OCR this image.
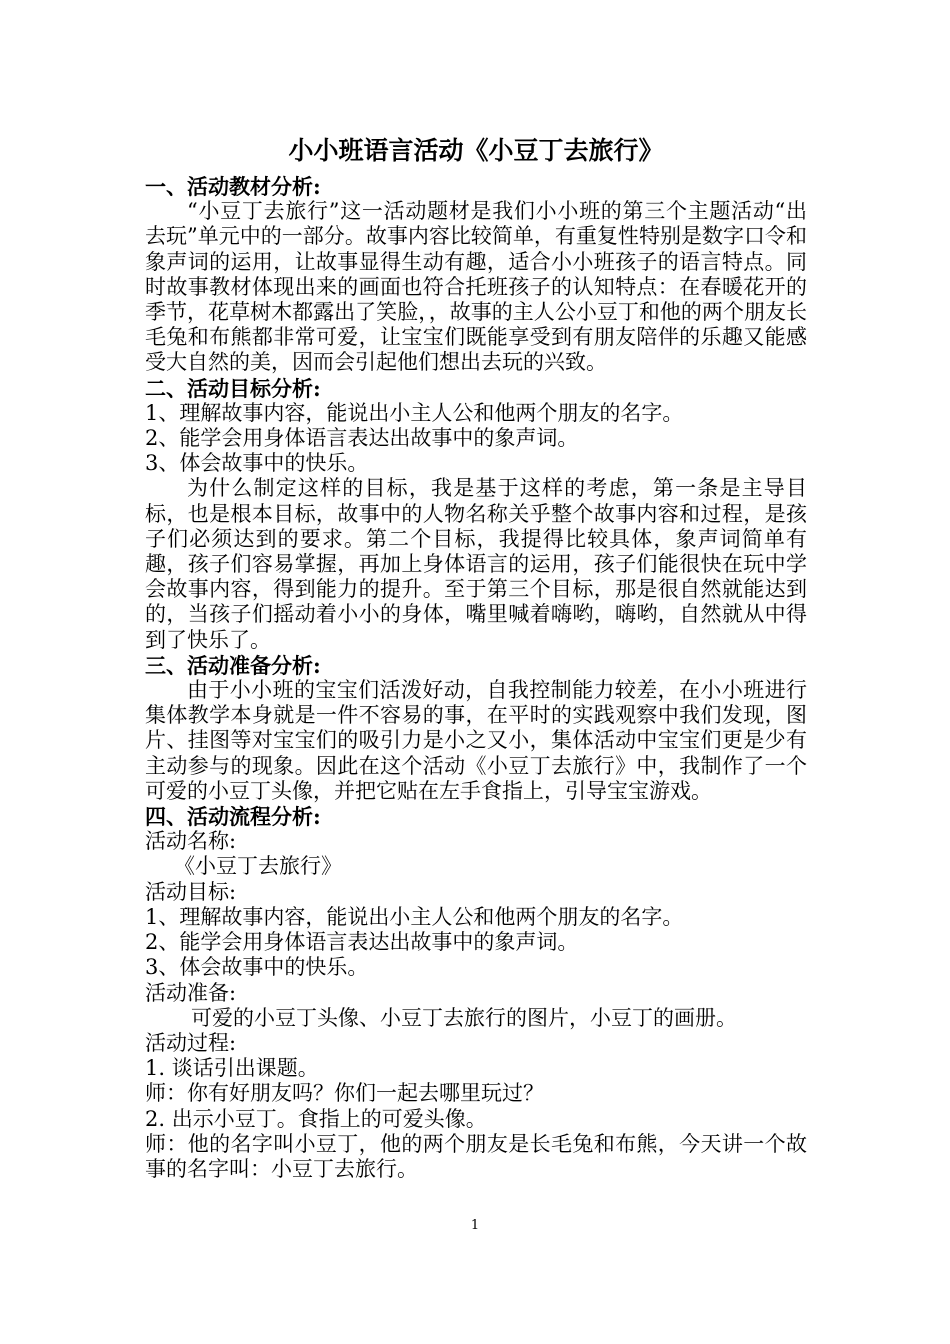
小小班语言活动《小豆丁去旅行》

一、活动教材分析:

“小豆丁去旅行”这一活动题材是我们小小班的第三个主题活动“出去玩”单元中的一部分。故事内容比较简单，有重复性特别是数字口令和象声词的运用，让故事显得生动有趣，适合小小班孩子的语言特点。同时故事教材体现出来的画面也符合托班孩子的认知特点：在春暖花开的季节，花草树木都露出了笑脸，，故事的主人公小豆丁和他的两个朋友长毛兔和布熊都非常可爱，让宝宝们既能享受到有朋友陪伴的乐趣又能感受大自然的美，因而会引起他们想出去玩的兴致。

二、活动目标分析:

1、理解故事内容，能说出小主人公和他两个朋友的名字。

2、能学会用身体语言表达出故事中的象声词。

3、体会故事中的快乐。

为什么制定这样的目标，我是基于这样的考虑，第一条是主导目标，也是根本目标，故事中的人物名称关乎整个故事内容和过程，是孩子们必须达到的要求。第二个目标，我提得比较具体，象声词简单有趣，孩子们容易掌握，再加上身体语言的运用，孩子们能很快在玩中学会故事内容，得到能力的提升。至于第三个目标，那是很自然就能达到的，当孩子们摇动着小小的身体，嘴里喊着嗨哟，嗨哟，自然就从中得到了快乐了。

三、活动准备分析:

由于小小班的宝宝们活泼好动，自我控制能力较差，在小小班进行集体教学本身就是一件不容易的事，在平时的实践观察中我们发现，图片、挂图等对宝宝们的吸引力是小之又小，集体活动中宝宝们更是少有主动参与的现象。因此在这个活动《小豆丁去旅行》中，我制作了一个可爱的小豆丁头像，并把它贴在左手食指上，引导宝宝游戏。

四、活动流程分析:

活动名称:

《小豆丁去旅行》

活动目标:

1、理解故事内容，能说出小主人公和他两个朋友的名字。

2、能学会用身体语言表达出故事中的象声词。

3、体会故事中的快乐。

活动准备:

可爱的小豆丁头像、小豆丁去旅行的图片，小豆丁的画册。

活动过程:

1. 谈话引出课题。

师：你有好朋友吗？你们一起去哪里玩过？

2. 出示小豆丁。食指上的可爱头像。

师：他的名字叫小豆丁，他的两个朋友是长毛兔和布熊，今天讲一个故事的名字叫：小豆丁去旅行。

1
